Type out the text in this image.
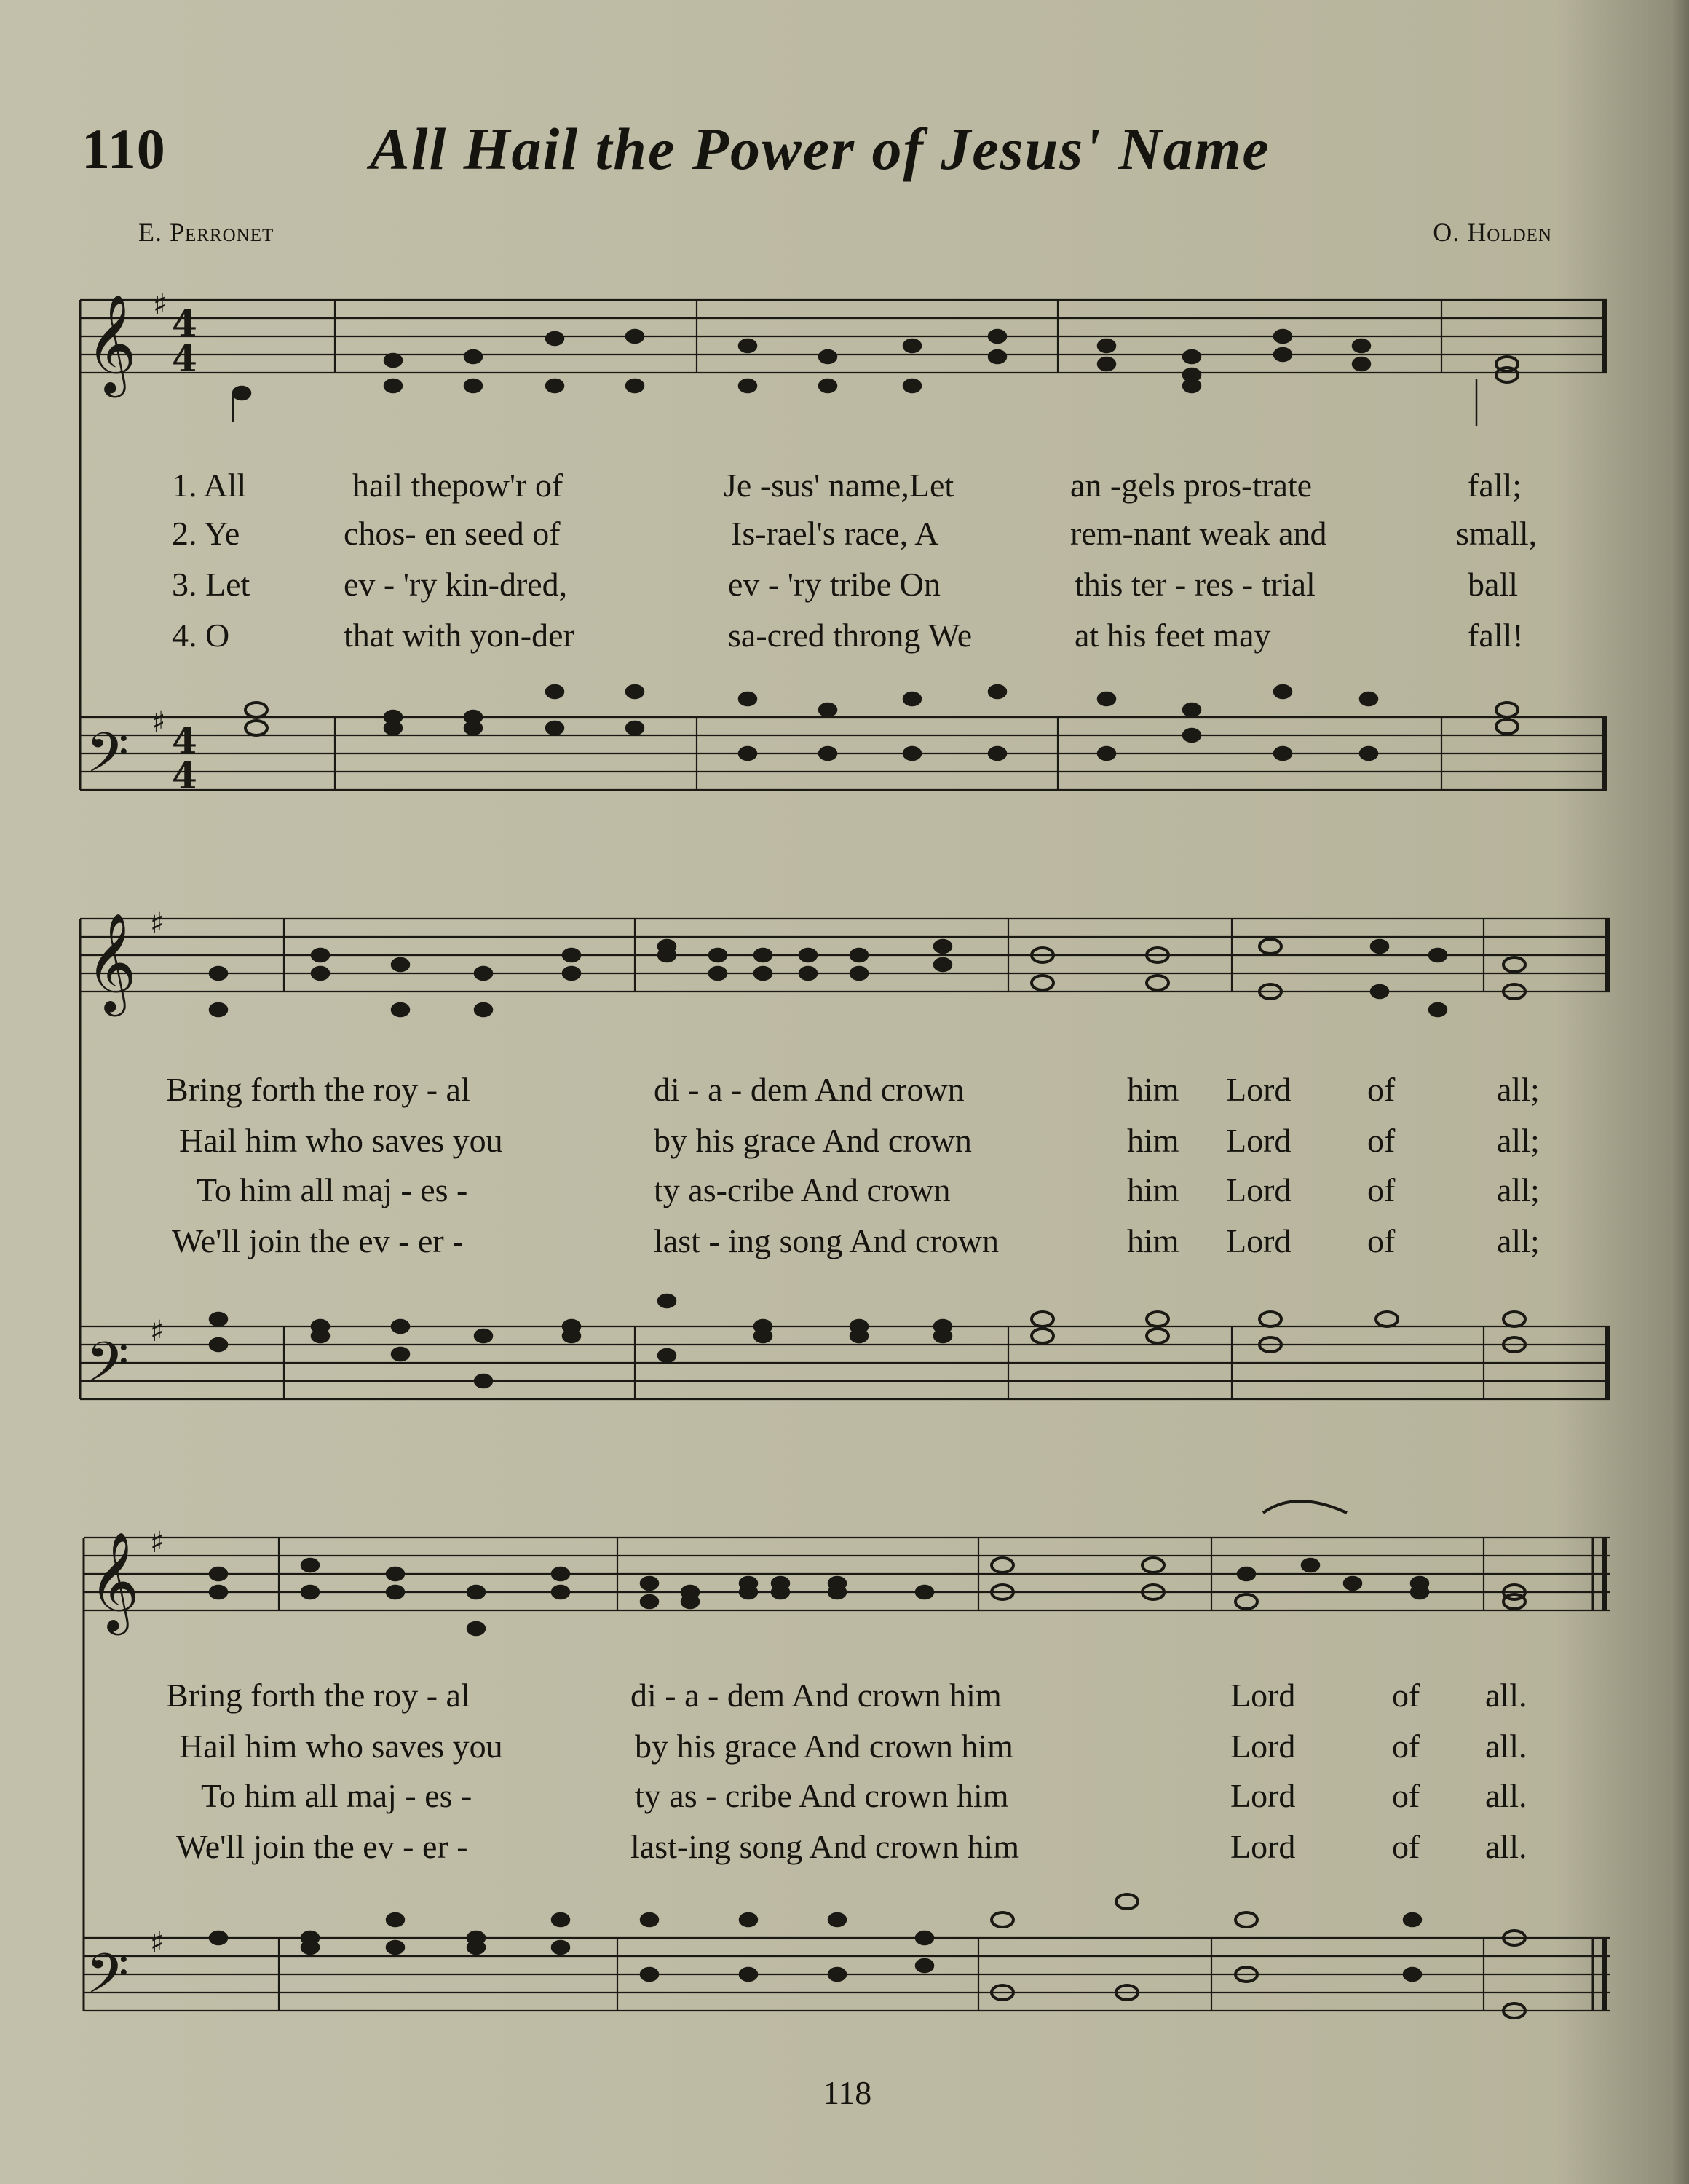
110	All Hail the Power of Jesus' Name
E. Perronet	O. Holden
𝄞
𝄢
♯
♯
4
4
4
4
1. All	hail thepow'r of	Je -sus' name,Let	an -gels pros-trate	fall;
2. Ye	chos- en seed of	Is-rael's race, A	rem-nant weak and	small,
3. Let	ev - 'ry kin-dred,	ev - 'ry tribe On	this ter - res - trial	ball
4. O	that with yon-der	sa-cred throng We	at his feet may	fall!
𝄞
𝄢
♯
♯
Bring forth the roy - al	di - a - dem And crown	him Lord of	all;
Hail him who saves you	by his grace And crown	him Lord of	all;
To him all maj - es -	ty as-cribe And crown	him Lord of	all;
We'll join the ev - er -	last - ing song And crown	him Lord of	all;
𝄞
𝄢
♯
♯
Bring forth the roy - al	di - a - dem And crown him	Lord	of all.
Hail him who saves you	by his grace And crown him	Lord	of all.
To him all maj - es -	ty as - cribe And crown him	Lord	of all.
We'll join the ev - er -	last-ing song And crown him	Lord	of all.
118
